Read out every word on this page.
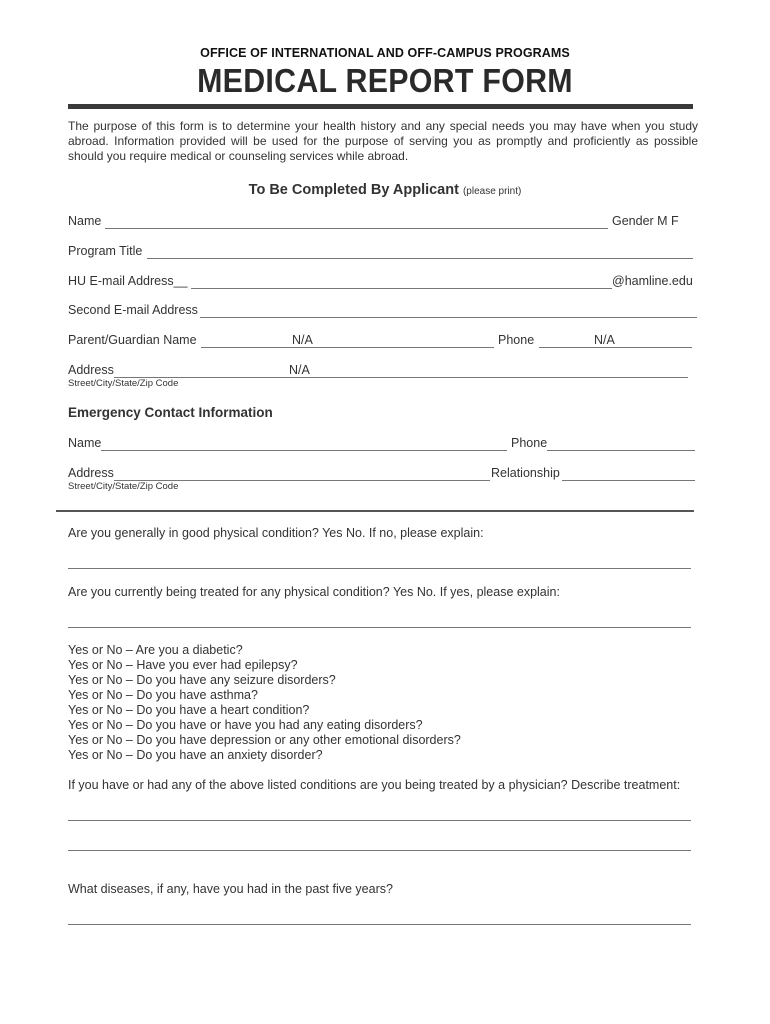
OFFICE OF INTERNATIONAL AND OFF-CAMPUS PROGRAMS
MEDICAL REPORT FORM
The purpose of this form is to determine your health history and any special needs you may have when you study abroad. Information provided will be used for the purpose of serving you as promptly and proficiently as possible should you require medical or counseling services while abroad.
To Be Completed By Applicant (please print)
Name	Gender M F
Program Title
HU E-mail Address__	@hamline.edu
Second E-mail Address
Parent/Guardian Name	N/A	Phone	N/A
Address	N/A
Street/City/State/Zip Code
Emergency Contact Information
Name	Phone
Address	Relationship
Street/City/State/Zip Code
Are you generally in good physical condition? Yes No. If no, please explain:
Are you currently being treated for any physical condition? Yes No. If yes, please explain:
Yes or No – Are you a diabetic?
Yes or No – Have you ever had epilepsy?
Yes or No – Do you have any seizure disorders?
Yes or No – Do you have asthma?
Yes or No – Do you have a heart condition?
Yes or No – Do you have or have you had any eating disorders?
Yes or No – Do you have depression or any other emotional disorders?
Yes or No – Do you have an anxiety disorder?
If you have or had any of the above listed conditions are you being treated by a physician? Describe treatment:
What diseases, if any, have you had in the past five years?
